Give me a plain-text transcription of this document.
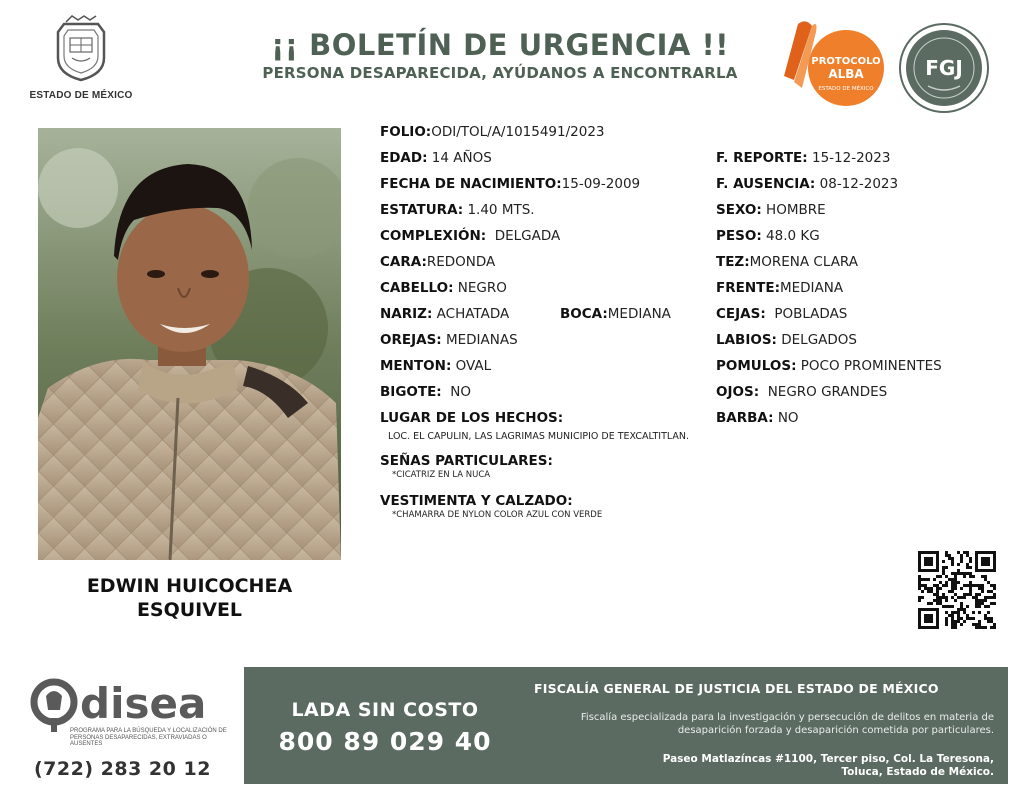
ESTADO DE MÉXICO
¡¡ BOLETÍN DE URGENCIA !!
PERSONA DESAPARECIDA, AYÚDANOS A ENCONTRARLA
PROTOCOLO
ALBA
ESTADO DE MÉXICO
FGJ
EDWIN HUICOCHEA
ESQUIVEL
FOLIO:ODI/TOL/A/1015491/2023
EDAD: 14 AÑOS	F. REPORTE: 15-12-2023
FECHA DE NACIMIENTO:15-09-2009	F. AUSENCIA: 08-12-2023
ESTATURA: 1.40 MTS.	SEXO: HOMBRE
COMPLEXIÓN:  DELGADA	PESO: 48.0 KG
CARA:REDONDA	TEZ:MORENA CLARA
CABELLO: NEGRO	FRENTE:MEDIANA
NARIZ: ACHATADA	BOCA:MEDIANA	CEJAS:  POBLADAS
OREJAS: MEDIANAS	LABIOS: DELGADOS
MENTON: OVAL	POMULOS: POCO PROMINENTES
BIGOTE:  NO	OJOS:  NEGRO GRANDES
LUGAR DE LOS HECHOS:	BARBA: NO
LOC. EL CAPULIN, LAS LAGRIMAS MUNICIPIO DE TEXCALTITLAN.
SEÑAS PARTICULARES:
*CICATRIZ EN LA NUCA
VESTIMENTA Y CALZADO:
*CHAMARRA DE NYLON COLOR AZUL CON VERDE
disea
PROGRAMA PARA LA BÚSQUEDA Y LOCALIZACIÓN DE PERSONAS DESAPARECIDAS, EXTRAVIADAS O AUSENTES
(722) 283 20 12
LADA SIN COSTO
800 89 029 40
FISCALÍA GENERAL DE JUSTICIA DEL ESTADO DE MÉXICO
Fiscalía especializada para la investigación y persecución de delitos en materia de desaparición forzada y desaparición cometida por particulares.
Paseo Matlazíncas #1100, Tercer piso, Col. La Teresona,
Toluca, Estado de México.
